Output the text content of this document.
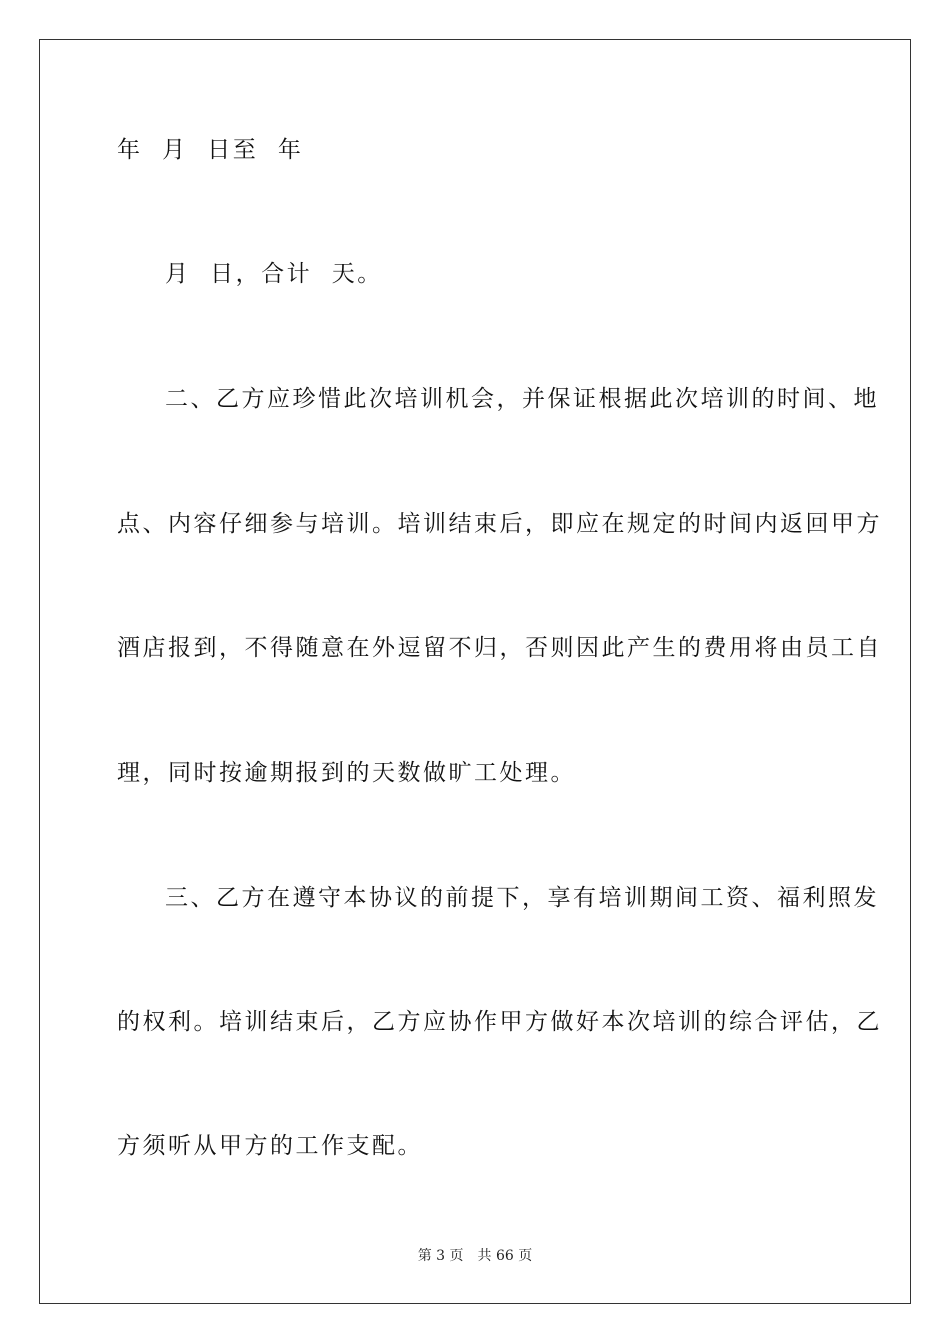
年  月  日至  年
月  日，合计  天。
二、乙方应珍惜此次培训机会，并保证根据此次培训的时间、地
点、内容仔细参与培训。培训结束后，即应在规定的时间内返回甲方
酒店报到，不得随意在外逗留不归，否则因此产生的费用将由员工自
理，同时按逾期报到的天数做旷工处理。
三、乙方在遵守本协议的前提下，享有培训期间工资、福利照发
的权利。培训结束后，乙方应协作甲方做好本次培训的综合评估，乙
方须听从甲方的工作支配。
第 3 页 共 66 页
